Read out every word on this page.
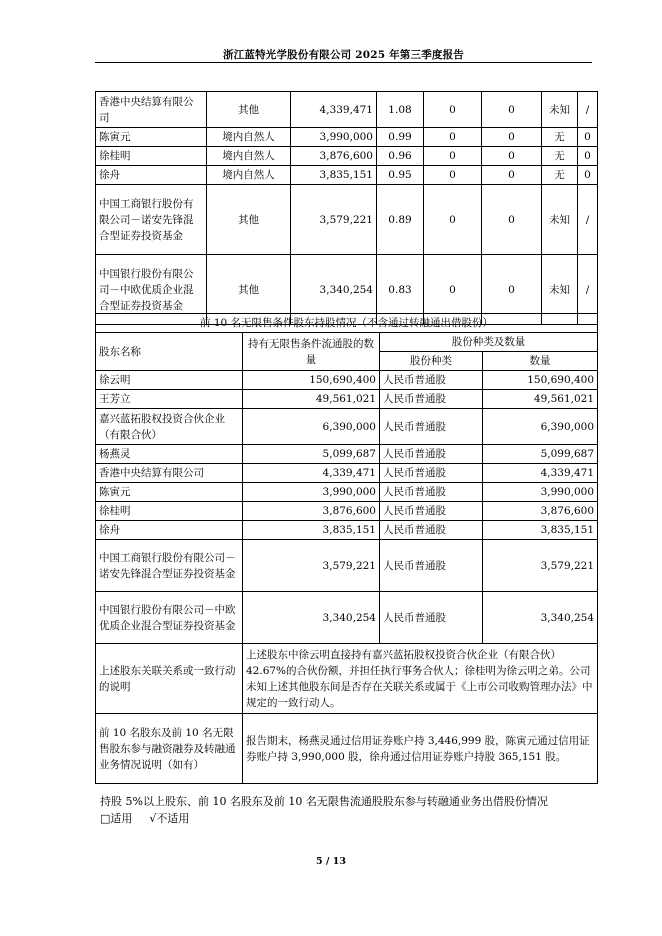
浙江蓝特光学股份有限公司 2025 年第三季度报告
香港中央结算有限公司	其他	4,339,471	1.08	0	0	未知	/
陈寅元	境内自然人	3,990,000	0.99	0	0	无	0
徐桂明	境内自然人	3,876,600	0.96	0	0	无	0
徐舟	境内自然人	3,835,151	0.95	0	0	无	0
中国工商银行股份有限公司－诺安先锋混合型证券投资基金	其他	3,579,221	0.89	0	0	未知	/
中国银行股份有限公司－中欧优质企业混合型证券投资基金	其他	3,340,254	0.83	0	0	未知	/
前 10 名无限售条件股东持股情况（不含通过转融通出借股份）			
股东名称	持有无限售条件流通股的数量	股份种类及数量	
		股份种类	数量
徐云明	150,690,400	人民币普通股	150,690,400
王芳立	49,561,021	人民币普通股	49,561,021
嘉兴蓝拓股权投资合伙企业（有限合伙）	6,390,000	人民币普通股	6,390,000
杨燕灵	5,099,687	人民币普通股	5,099,687
香港中央结算有限公司	4,339,471	人民币普通股	4,339,471
陈寅元	3,990,000	人民币普通股	3,990,000
徐桂明	3,876,600	人民币普通股	3,876,600
徐舟	3,835,151	人民币普通股	3,835,151
中国工商银行股份有限公司－诺安先锋混合型证券投资基金	3,579,221	人民币普通股	3,579,221
中国银行股份有限公司－中欧优质企业混合型证券投资基金	3,340,254	人民币普通股	3,340,254
上述股东关联关系或一致行动的说明	上述股东中徐云明直接持有嘉兴蓝拓股权投资合伙企业（有限合伙）42.67%的合伙份额，并担任执行事务合伙人；徐桂明为徐云明之弟。公司未知上述其他股东间是否存在关联关系或属于《上市公司收购管理办法》中规定的一致行动人。		
前 10 名股东及前 10 名无限售股东参与融资融券及转融通业务情况说明（如有）	报告期末，杨燕灵通过信用证券账户持 3,446,999 股，陈寅元通过信用证券账户持 3,990,000 股，徐舟通过信用证券账户持股 365,151 股。		
持股 5%以上股东、前 10 名股东及前 10 名无限售流通股股东参与转融通业务出借股份情况
□适用 √不适用
5 / 13
